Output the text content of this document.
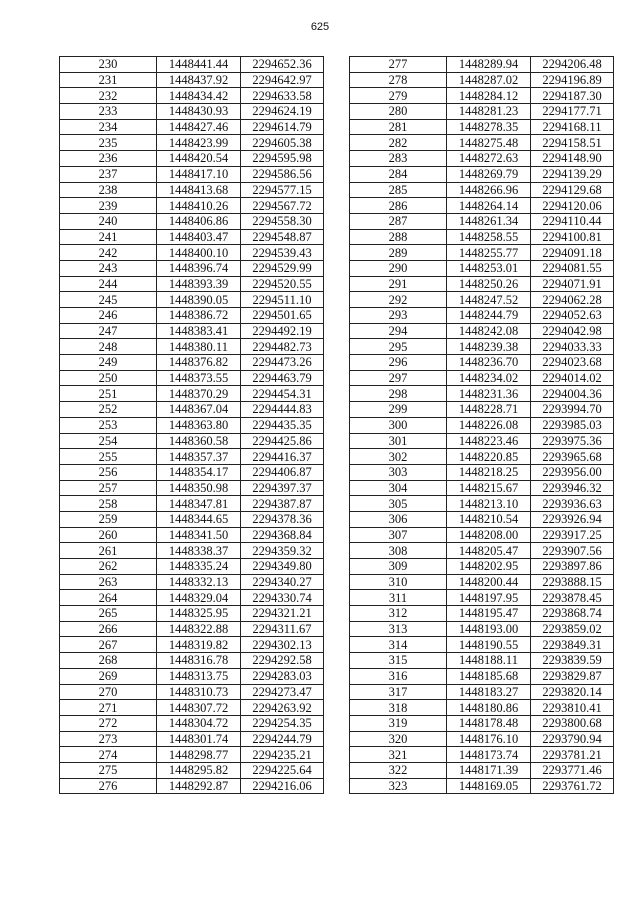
625
230	1448441.44	2294652.36
231	1448437.92	2294642.97
232	1448434.42	2294633.58
233	1448430.93	2294624.19
234	1448427.46	2294614.79
235	1448423.99	2294605.38
236	1448420.54	2294595.98
237	1448417.10	2294586.56
238	1448413.68	2294577.15
239	1448410.26	2294567.72
240	1448406.86	2294558.30
241	1448403.47	2294548.87
242	1448400.10	2294539.43
243	1448396.74	2294529.99
244	1448393.39	2294520.55
245	1448390.05	2294511.10
246	1448386.72	2294501.65
247	1448383.41	2294492.19
248	1448380.11	2294482.73
249	1448376.82	2294473.26
250	1448373.55	2294463.79
251	1448370.29	2294454.31
252	1448367.04	2294444.83
253	1448363.80	2294435.35
254	1448360.58	2294425.86
255	1448357.37	2294416.37
256	1448354.17	2294406.87
257	1448350.98	2294397.37
258	1448347.81	2294387.87
259	1448344.65	2294378.36
260	1448341.50	2294368.84
261	1448338.37	2294359.32
262	1448335.24	2294349.80
263	1448332.13	2294340.27
264	1448329.04	2294330.74
265	1448325.95	2294321.21
266	1448322.88	2294311.67
267	1448319.82	2294302.13
268	1448316.78	2294292.58
269	1448313.75	2294283.03
270	1448310.73	2294273.47
271	1448307.72	2294263.92
272	1448304.72	2294254.35
273	1448301.74	2294244.79
274	1448298.77	2294235.21
275	1448295.82	2294225.64
276	1448292.87	2294216.06
277	1448289.94	2294206.48
278	1448287.02	2294196.89
279	1448284.12	2294187.30
280	1448281.23	2294177.71
281	1448278.35	2294168.11
282	1448275.48	2294158.51
283	1448272.63	2294148.90
284	1448269.79	2294139.29
285	1448266.96	2294129.68
286	1448264.14	2294120.06
287	1448261.34	2294110.44
288	1448258.55	2294100.81
289	1448255.77	2294091.18
290	1448253.01	2294081.55
291	1448250.26	2294071.91
292	1448247.52	2294062.28
293	1448244.79	2294052.63
294	1448242.08	2294042.98
295	1448239.38	2294033.33
296	1448236.70	2294023.68
297	1448234.02	2294014.02
298	1448231.36	2294004.36
299	1448228.71	2293994.70
300	1448226.08	2293985.03
301	1448223.46	2293975.36
302	1448220.85	2293965.68
303	1448218.25	2293956.00
304	1448215.67	2293946.32
305	1448213.10	2293936.63
306	1448210.54	2293926.94
307	1448208.00	2293917.25
308	1448205.47	2293907.56
309	1448202.95	2293897.86
310	1448200.44	2293888.15
311	1448197.95	2293878.45
312	1448195.47	2293868.74
313	1448193.00	2293859.02
314	1448190.55	2293849.31
315	1448188.11	2293839.59
316	1448185.68	2293829.87
317	1448183.27	2293820.14
318	1448180.86	2293810.41
319	1448178.48	2293800.68
320	1448176.10	2293790.94
321	1448173.74	2293781.21
322	1448171.39	2293771.46
323	1448169.05	2293761.72
